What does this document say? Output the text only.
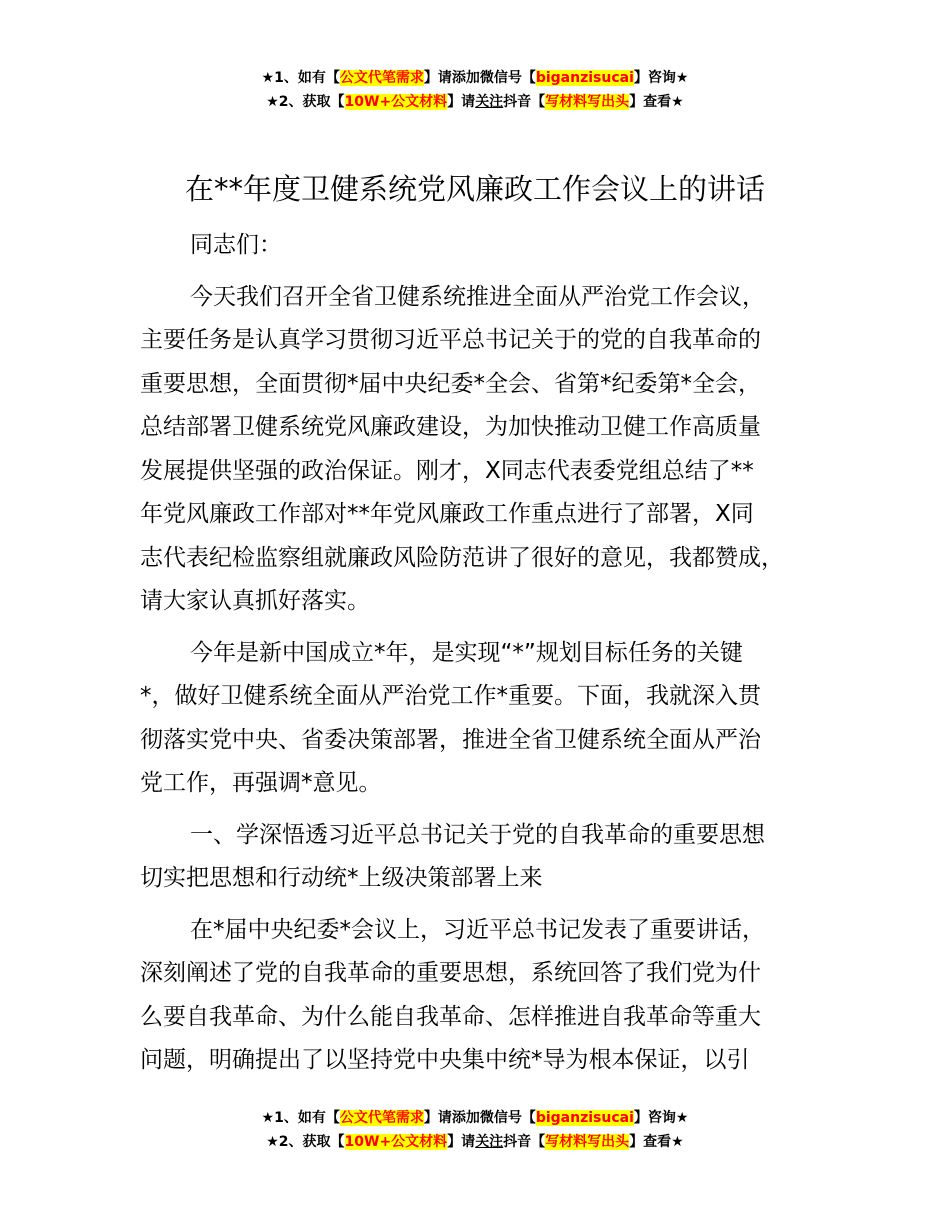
★1、如有【公文代笔需求】请添加微信号【biganzisucai】咨询★
★2、获取【10W+公文材料】请关注抖音【写材料写出头】查看★
在**年度卫健系统党风廉政工作会议上的讲话

同志们：

今天我们召开全省卫健系统推进全面从严治党工作会议，
主要任务是认真学习贯彻习近平总书记关于的党的自我革命的
重要思想，全面贯彻*届中央纪委*全会、省第*纪委第*全会，
总结部署卫健系统党风廉政建设，为加快推动卫健工作高质量
发展提供坚强的政治保证。刚才，X同志代表委党组总结了**
年党风廉政工作部对**年党风廉政工作重点进行了部署，X同
志代表纪检监察组就廉政风险防范讲了很好的意见，我都赞成，
请大家认真抓好落实。

今年是新中国成立*年，是实现“*”规划目标任务的关键
*，做好卫健系统全面从严治党工作*重要。下面，我就深入贯
彻落实党中央、省委决策部署，推进全省卫健系统全面从严治
党工作，再强调*意见。

一、学深悟透习近平总书记关于党的自我革命的重要思想
切实把思想和行动统*上级决策部署上来

在*届中央纪委*会议上，习近平总书记发表了重要讲话，
深刻阐述了党的自我革命的重要思想，系统回答了我们党为什
么要自我革命、为什么能自我革命、怎样推进自我革命等重大
问题，明确提出了以坚持党中央集中统*导为根本保证，以引

★1、如有【公文代笔需求】请添加微信号【biganzisucai】咨询★
★2、获取【10W+公文材料】请关注抖音【写材料写出头】查看★
